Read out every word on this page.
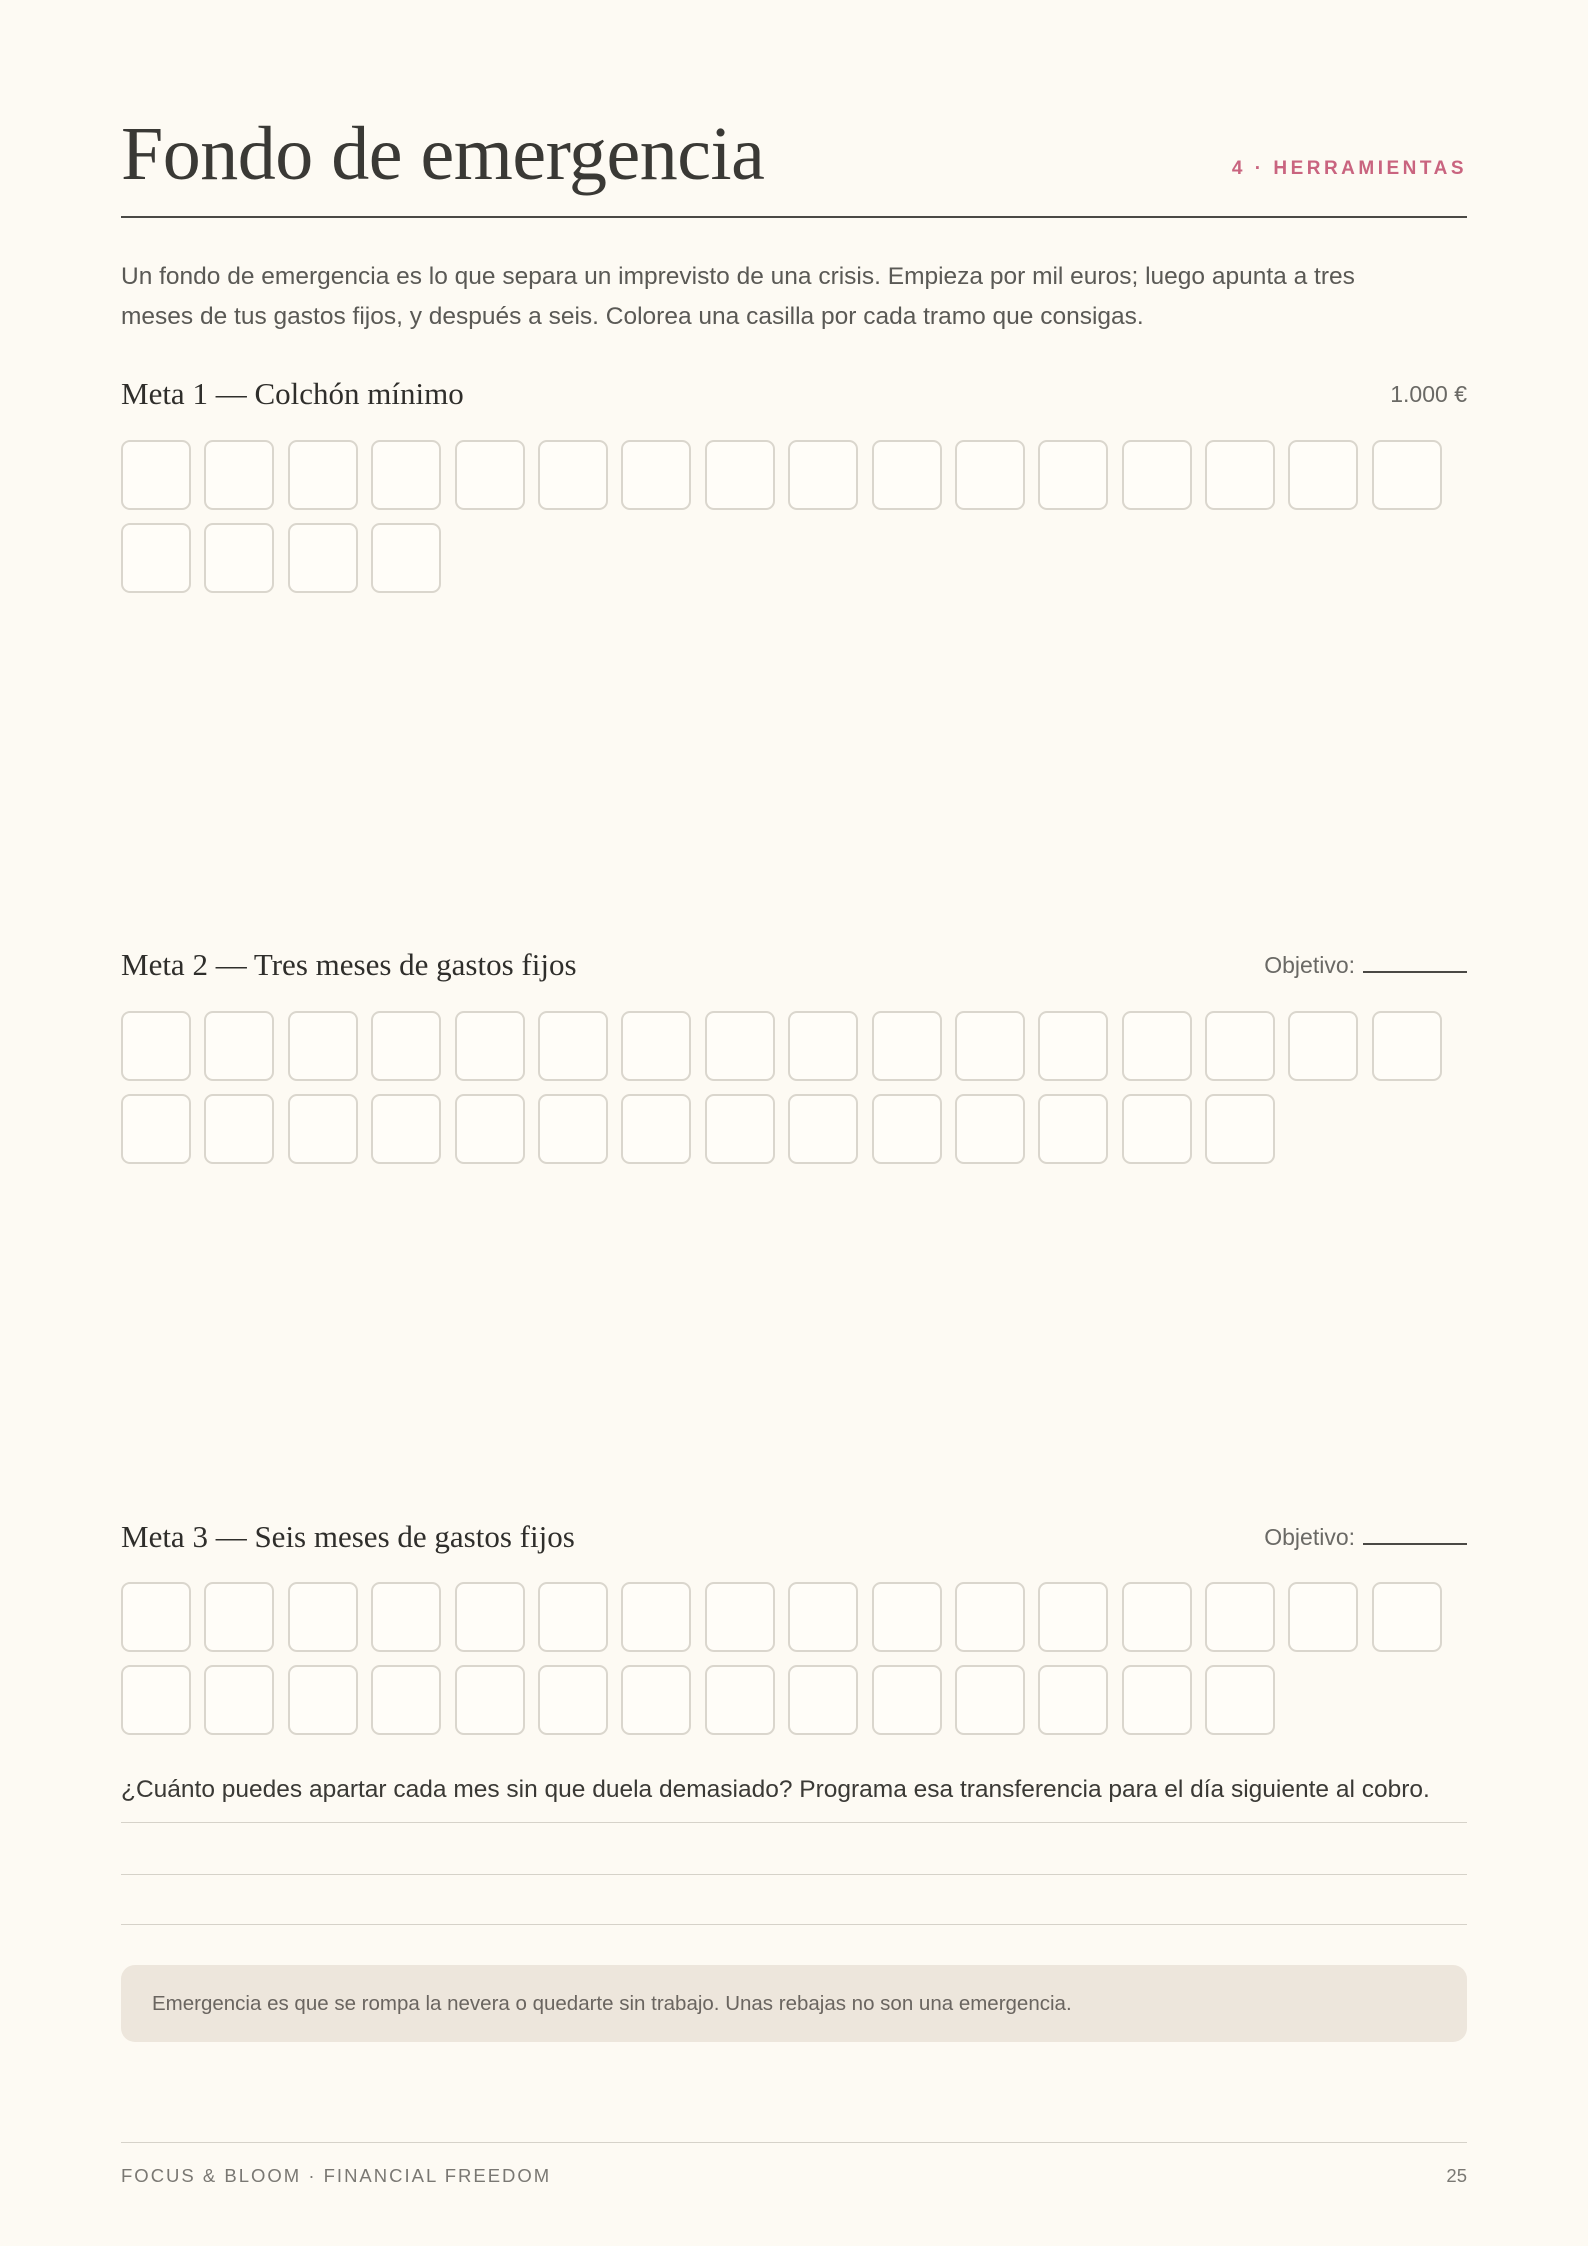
Fondo de emergencia	4 · HERRAMIENTAS
Un fondo de emergencia es lo que separa un imprevisto de una crisis. Empieza por mil euros; luego apunta a tres meses de tus gastos fijos, y después a seis. Colorea una casilla por cada tramo que consigas.
Meta 1 — Colchón mínimo	1.000 €
Meta 2 — Tres meses de gastos fijos	Objetivo:
Meta 3 — Seis meses de gastos fijos	Objetivo:
¿Cuánto puedes apartar cada mes sin que duela demasiado? Programa esa transferencia para el día siguiente al cobro.
Emergencia es que se rompa la nevera o quedarte sin trabajo. Unas rebajas no son una emergencia.
FOCUS & BLOOM · FINANCIAL FREEDOM	25
